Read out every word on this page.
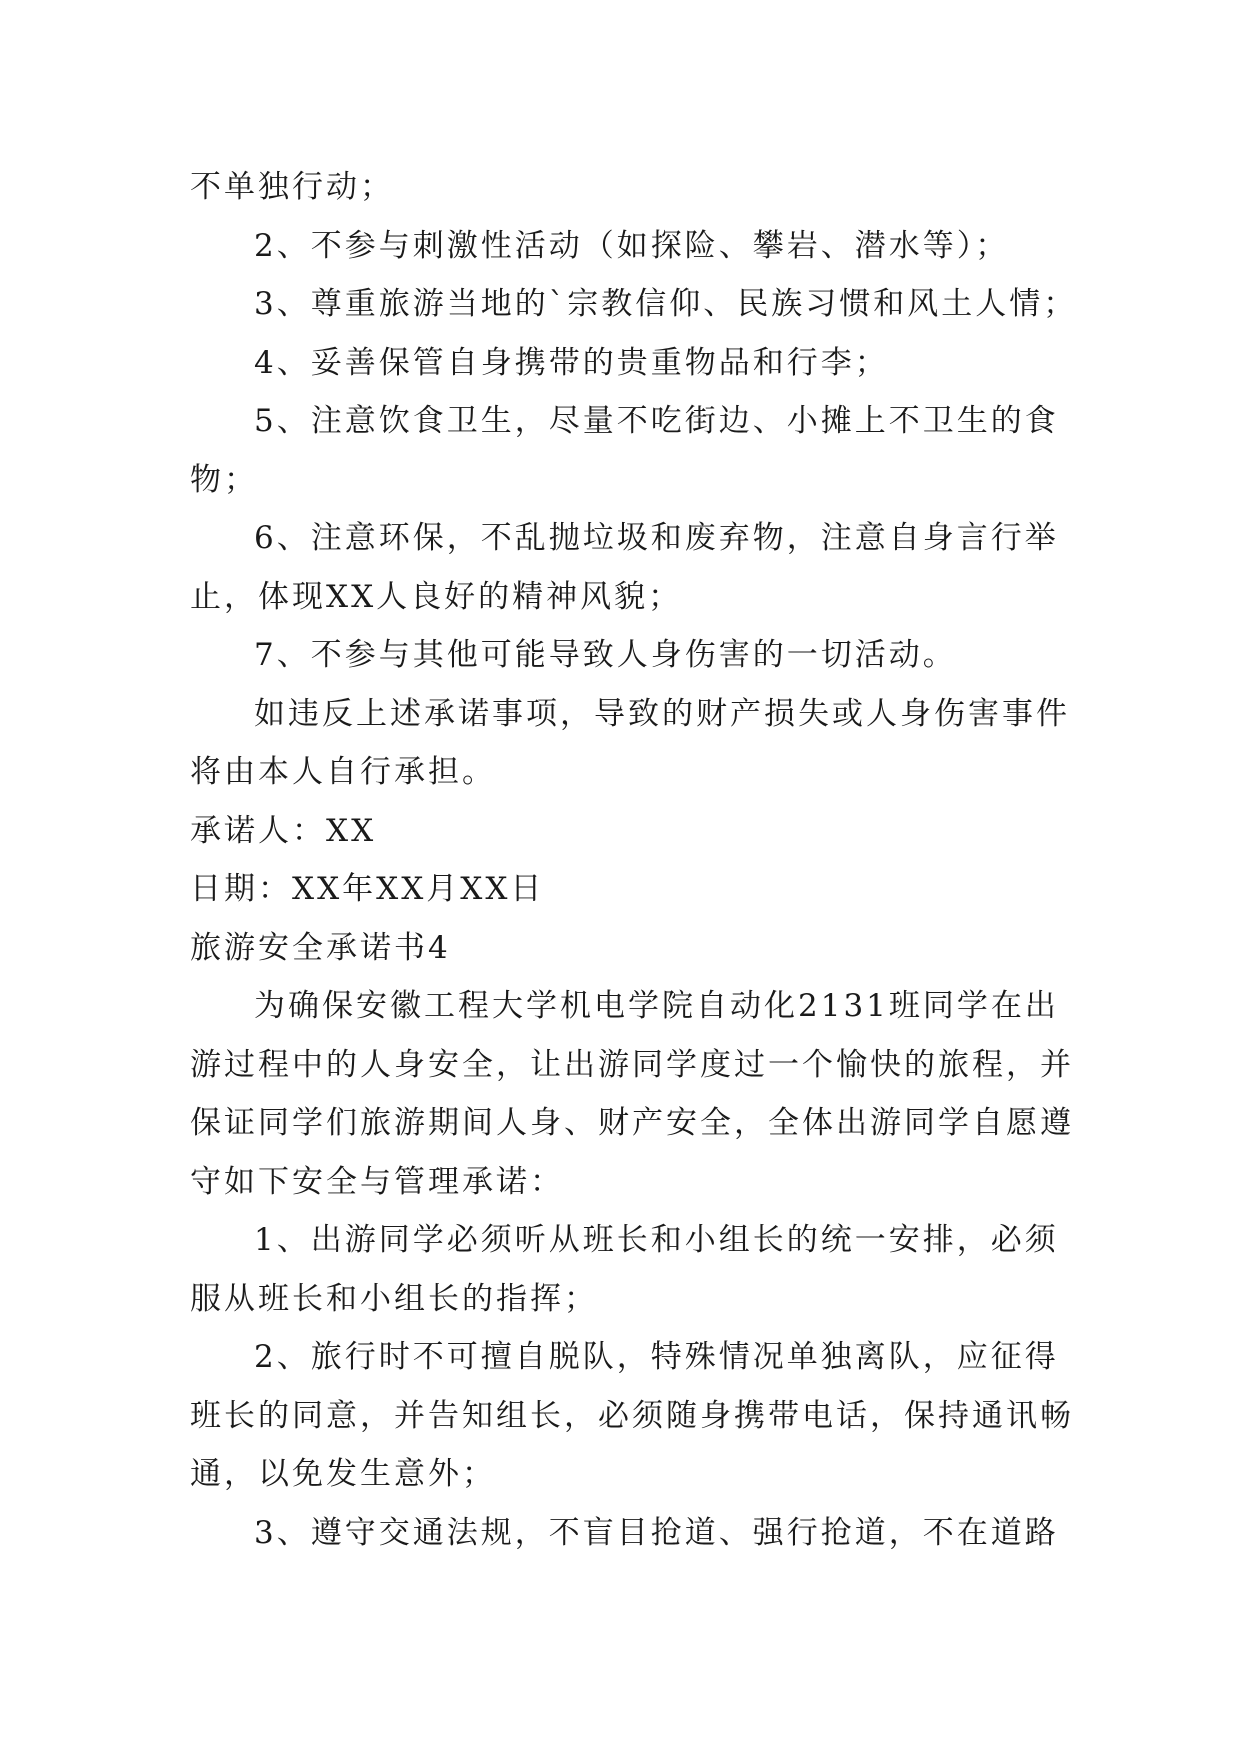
不单独行动；
2、不参与刺激性活动（如探险、攀岩、潜水等）；
3、尊重旅游当地的`宗教信仰、民族习惯和风土人情；
4、妥善保管自身携带的贵重物品和行李；
5、注意饮食卫生，尽量不吃街边、小摊上不卫生的食
物；
6、注意环保，不乱抛垃圾和废弃物，注意自身言行举
止，体现XX人良好的精神风貌；
7、不参与其他可能导致人身伤害的一切活动。
如违反上述承诺事项，导致的财产损失或人身伤害事件
将由本人自行承担。
承诺人：XX
日期：XX年XX月XX日
旅游安全承诺书4
为确保安徽工程大学机电学院自动化2131班同学在出
游过程中的人身安全，让出游同学度过一个愉快的旅程，并
保证同学们旅游期间人身、财产安全，全体出游同学自愿遵
守如下安全与管理承诺：
1、出游同学必须听从班长和小组长的统一安排，必须
服从班长和小组长的指挥；
2、旅行时不可擅自脱队，特殊情况单独离队，应征得
班长的同意，并告知组长，必须随身携带电话，保持通讯畅
通，以免发生意外；
3、遵守交通法规，不盲目抢道、强行抢道，不在道路
